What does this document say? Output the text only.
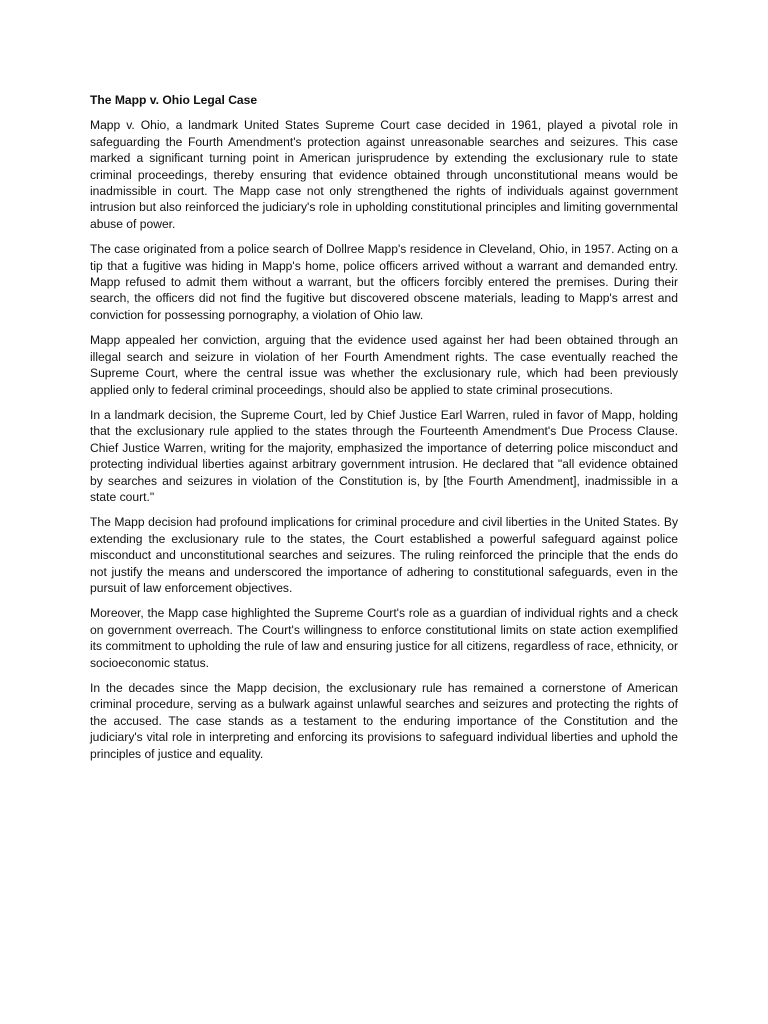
The Mapp v. Ohio Legal Case

Mapp v. Ohio, a landmark United States Supreme Court case decided in 1961, played a pivotal role in safeguarding the Fourth Amendment's protection against unreasonable searches and seizures. This case marked a significant turning point in American jurisprudence by extending the exclusionary rule to state criminal proceedings, thereby ensuring that evidence obtained through unconstitutional means would be inadmissible in court. The Mapp case not only strengthened the rights of individuals against government intrusion but also reinforced the judiciary's role in upholding constitutional principles and limiting governmental abuse of power.

The case originated from a police search of Dollree Mapp's residence in Cleveland, Ohio, in 1957. Acting on a tip that a fugitive was hiding in Mapp's home, police officers arrived without a warrant and demanded entry. Mapp refused to admit them without a warrant, but the officers forcibly entered the premises. During their search, the officers did not find the fugitive but discovered obscene materials, leading to Mapp's arrest and conviction for possessing pornography, a violation of Ohio law.

Mapp appealed her conviction, arguing that the evidence used against her had been obtained through an illegal search and seizure in violation of her Fourth Amendment rights. The case eventually reached the Supreme Court, where the central issue was whether the exclusionary rule, which had been previously applied only to federal criminal proceedings, should also be applied to state criminal prosecutions.

In a landmark decision, the Supreme Court, led by Chief Justice Earl Warren, ruled in favor of Mapp, holding that the exclusionary rule applied to the states through the Fourteenth Amendment's Due Process Clause. Chief Justice Warren, writing for the majority, emphasized the importance of deterring police misconduct and protecting individual liberties against arbitrary government intrusion. He declared that "all evidence obtained by searches and seizures in violation of the Constitution is, by [the Fourth Amendment], inadmissible in a state court."

The Mapp decision had profound implications for criminal procedure and civil liberties in the United States. By extending the exclusionary rule to the states, the Court established a powerful safeguard against police misconduct and unconstitutional searches and seizures. The ruling reinforced the principle that the ends do not justify the means and underscored the importance of adhering to constitutional safeguards, even in the pursuit of law enforcement objectives.

Moreover, the Mapp case highlighted the Supreme Court's role as a guardian of individual rights and a check on government overreach. The Court's willingness to enforce constitutional limits on state action exemplified its commitment to upholding the rule of law and ensuring justice for all citizens, regardless of race, ethnicity, or socioeconomic status.

In the decades since the Mapp decision, the exclusionary rule has remained a cornerstone of American criminal procedure, serving as a bulwark against unlawful searches and seizures and protecting the rights of the accused. The case stands as a testament to the enduring importance of the Constitution and the judiciary's vital role in interpreting and enforcing its provisions to safeguard individual liberties and uphold the principles of justice and equality.
